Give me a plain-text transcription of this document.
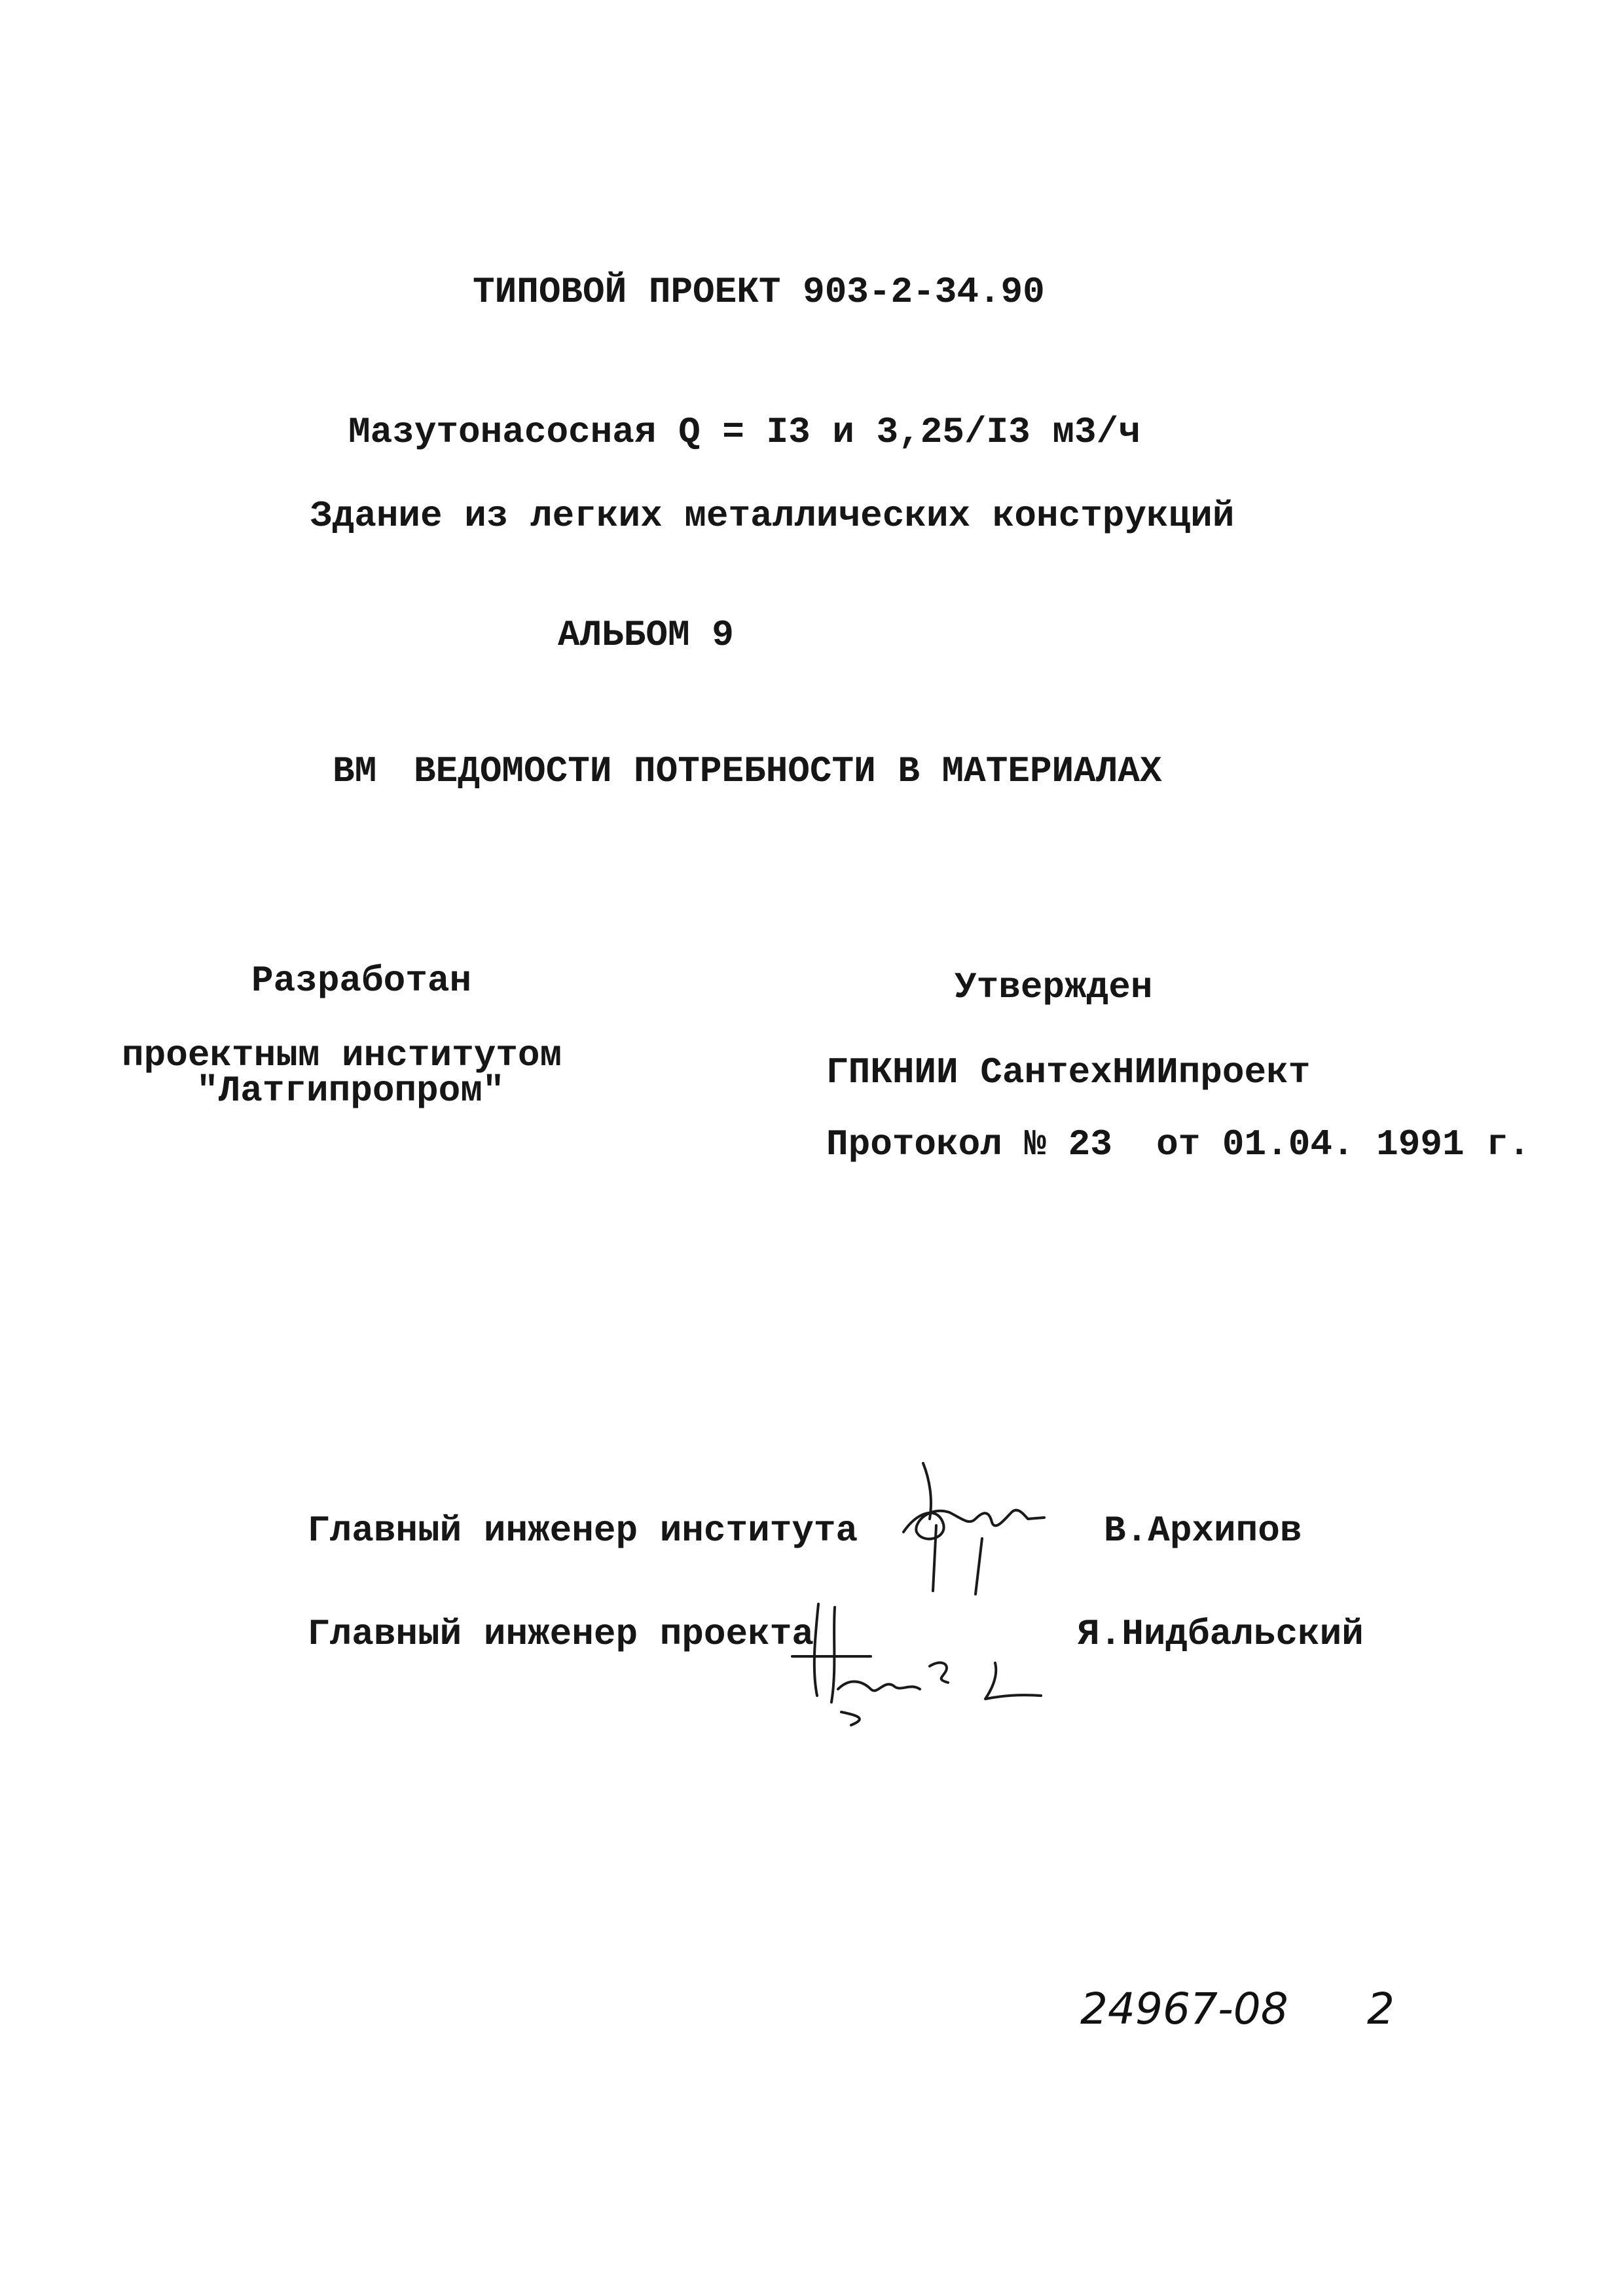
ТИПОВОЙ ПРОЕКТ 903-2-34.90
Мазутонасосная Q = I3 и 3,25/I3 м3/ч
Здание из легких металлических конструкций
АЛЬБОМ 9
ВМ ВЕДОМОСТИ ПОТРЕБНОСТИ В МАТЕРИАЛАХ
Разработан
проектным институтом
"Латгипропром"
Утвержден
ГПКНИИ СантехНИИпроект
Протокол № 23  от 01.04. 1991 г.
Главный инженер института	В.Архипов
Главный инженер проекта	Я.Нидбальский
24967-08 2
